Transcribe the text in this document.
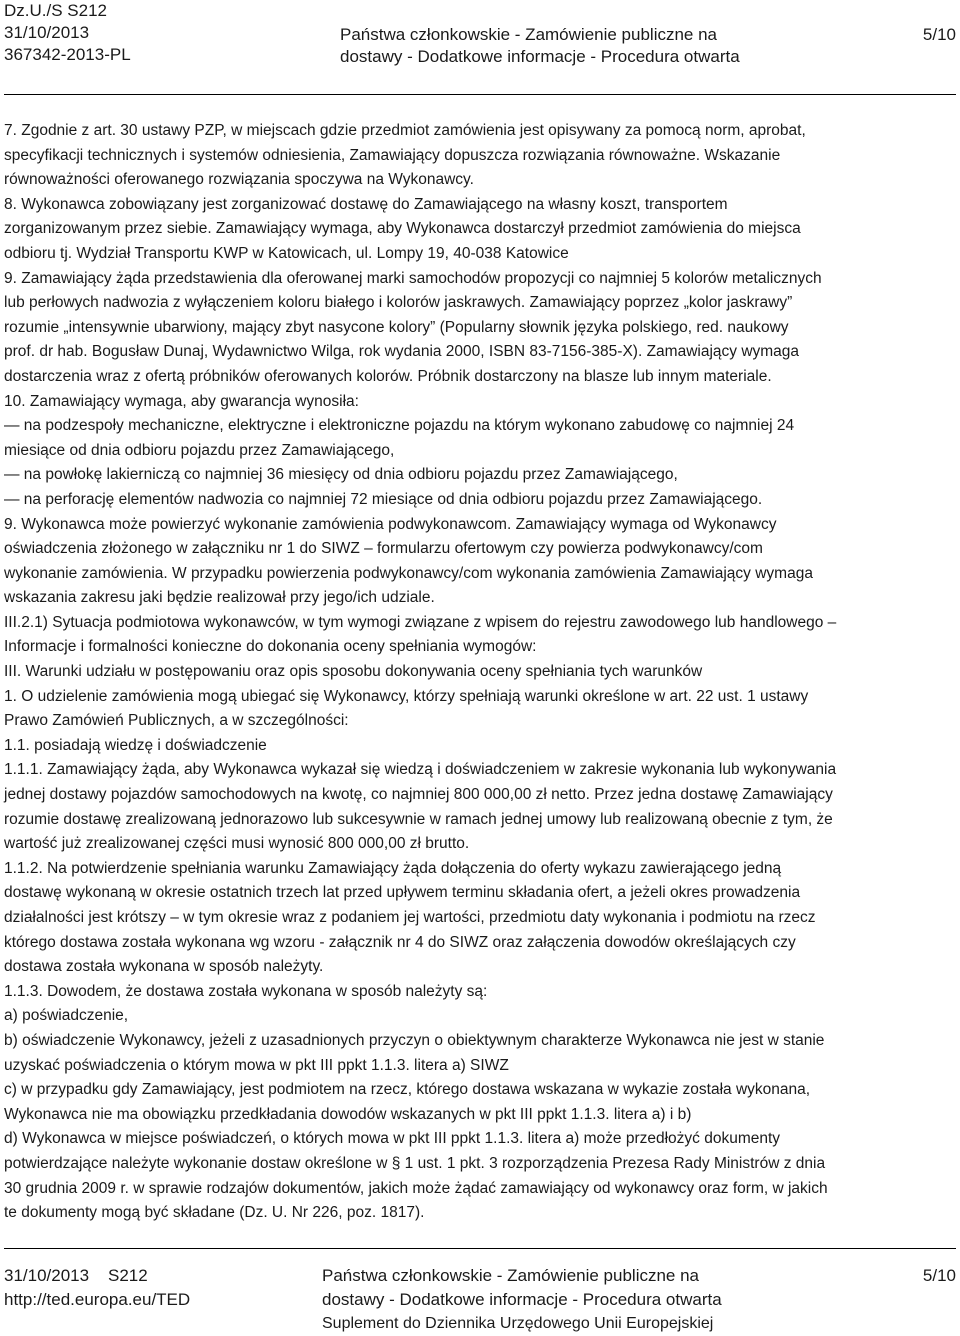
Dz.U./S S212
31/10/2013
367342-2013-PL
Państwa członkowskie - Zamówienie publiczne na
dostawy - Dodatkowe informacje - Procedura otwarta
5/10

7. Zgodnie z art. 30 ustawy PZP, w miejscach gdzie przedmiot zamówienia jest opisywany za pomocą norm, aprobat,

specyfikacji technicznych i systemów odniesienia, Zamawiający dopuszcza rozwiązania równoważne. Wskazanie

równoważności oferowanego rozwiązania spoczywa na Wykonawcy.

8. Wykonawca zobowiązany jest zorganizować dostawę do Zamawiającego na własny koszt, transportem

zorganizowanym przez siebie. Zamawiający wymaga, aby Wykonawca dostarczył przedmiot zamówienia do miejsca

odbioru tj. Wydział Transportu KWP w Katowicach, ul. Lompy 19, 40-038 Katowice

9. Zamawiający żąda przedstawienia dla oferowanej marki samochodów propozycji co najmniej 5 kolorów metalicznych

lub perłowych nadwozia z wyłączeniem koloru białego i kolorów jaskrawych. Zamawiający poprzez „kolor jaskrawy”

rozumie „intensywnie ubarwiony, mający zbyt nasycone kolory” (Popularny słownik języka polskiego, red. naukowy

prof. dr hab. Bogusław Dunaj, Wydawnictwo Wilga, rok wydania 2000, ISBN 83-7156-385-X). Zamawiający wymaga

dostarczenia wraz z ofertą próbników oferowanych kolorów. Próbnik dostarczony na blasze lub innym materiale.

10. Zamawiający wymaga, aby gwarancja wynosiła:

— na podzespoły mechaniczne, elektryczne i elektroniczne pojazdu na którym wykonano zabudowę co najmniej 24

miesiące od dnia odbioru pojazdu przez Zamawiającego,

— na powłokę lakierniczą co najmniej 36 miesięcy od dnia odbioru pojazdu przez Zamawiającego,

— na perforację elementów nadwozia co najmniej 72 miesiące od dnia odbioru pojazdu przez Zamawiającego.

9. Wykonawca może powierzyć wykonanie zamówienia podwykonawcom. Zamawiający wymaga od Wykonawcy

oświadczenia złożonego w załączniku nr 1 do SIWZ – formularzu ofertowym czy powierza podwykonawcy/com

wykonanie zamówienia. W przypadku powierzenia podwykonawcy/com wykonania zamówienia Zamawiający wymaga

wskazania zakresu jaki będzie realizował przy jego/ich udziale.

III.2.1) Sytuacja podmiotowa wykonawców, w tym wymogi związane z wpisem do rejestru zawodowego lub handlowego –

Informacje i formalności konieczne do dokonania oceny spełniania wymogów:

III. Warunki udziału w postępowaniu oraz opis sposobu dokonywania oceny spełniania tych warunków

1. O udzielenie zamówienia mogą ubiegać się Wykonawcy, którzy spełniają warunki określone w art. 22 ust. 1 ustawy

Prawo Zamówień Publicznych, a w szczególności:

1.1. posiadają wiedzę i doświadczenie

1.1.1. Zamawiający żąda, aby Wykonawca wykazał się wiedzą i doświadczeniem w zakresie wykonania lub wykonywania

jednej dostawy pojazdów samochodowych na kwotę, co najmniej 800 000,00 zł netto. Przez jedna dostawę Zamawiający

rozumie dostawę zrealizowaną jednorazowo lub sukcesywnie w ramach jednej umowy lub realizowaną obecnie z tym, że

wartość już zrealizowanej części musi wynosić 800 000,00 zł brutto.

1.1.2. Na potwierdzenie spełniania warunku Zamawiający żąda dołączenia do oferty wykazu zawierającego jedną

dostawę wykonaną w okresie ostatnich trzech lat przed upływem terminu składania ofert, a jeżeli okres prowadzenia

działalności jest krótszy – w tym okresie wraz z podaniem jej wartości, przedmiotu daty wykonania i podmiotu na rzecz

którego dostawa została wykonana wg wzoru - załącznik nr 4 do SIWZ oraz załączenia dowodów określających czy

dostawa została wykonana w sposób należyty.

1.1.3. Dowodem, że dostawa została wykonana w sposób należyty są:

a) poświadczenie,

b) oświadczenie Wykonawcy, jeżeli z uzasadnionych przyczyn o obiektywnym charakterze Wykonawca nie jest w stanie

uzyskać poświadczenia o którym mowa w pkt III ppkt 1.1.3. litera a) SIWZ

c) w przypadku gdy Zamawiający, jest podmiotem na rzecz, którego dostawa wskazana w wykazie została wykonana,

Wykonawca nie ma obowiązku przedkładania dowodów wskazanych w pkt III ppkt 1.1.3. litera a) i b)

d) Wykonawca w miejsce poświadczeń, o których mowa w pkt III ppkt 1.1.3. litera a) może przedłożyć dokumenty

potwierdzające należyte wykonanie dostaw określone w § 1 ust. 1 pkt. 3 rozporządzenia Prezesa Rady Ministrów z dnia

30 grudnia 2009 r. w sprawie rodzajów dokumentów, jakich może żądać zamawiający od wykonawcy oraz form, w jakich

te dokumenty mogą być składane (Dz. U. Nr 226, poz. 1817).

31/10/2013 S212
http://ted.europa.eu/TED
Państwa członkowskie - Zamówienie publiczne na
dostawy - Dodatkowe informacje - Procedura otwarta
Suplement do Dziennika Urzędowego Unii Europejskiej
5/10
